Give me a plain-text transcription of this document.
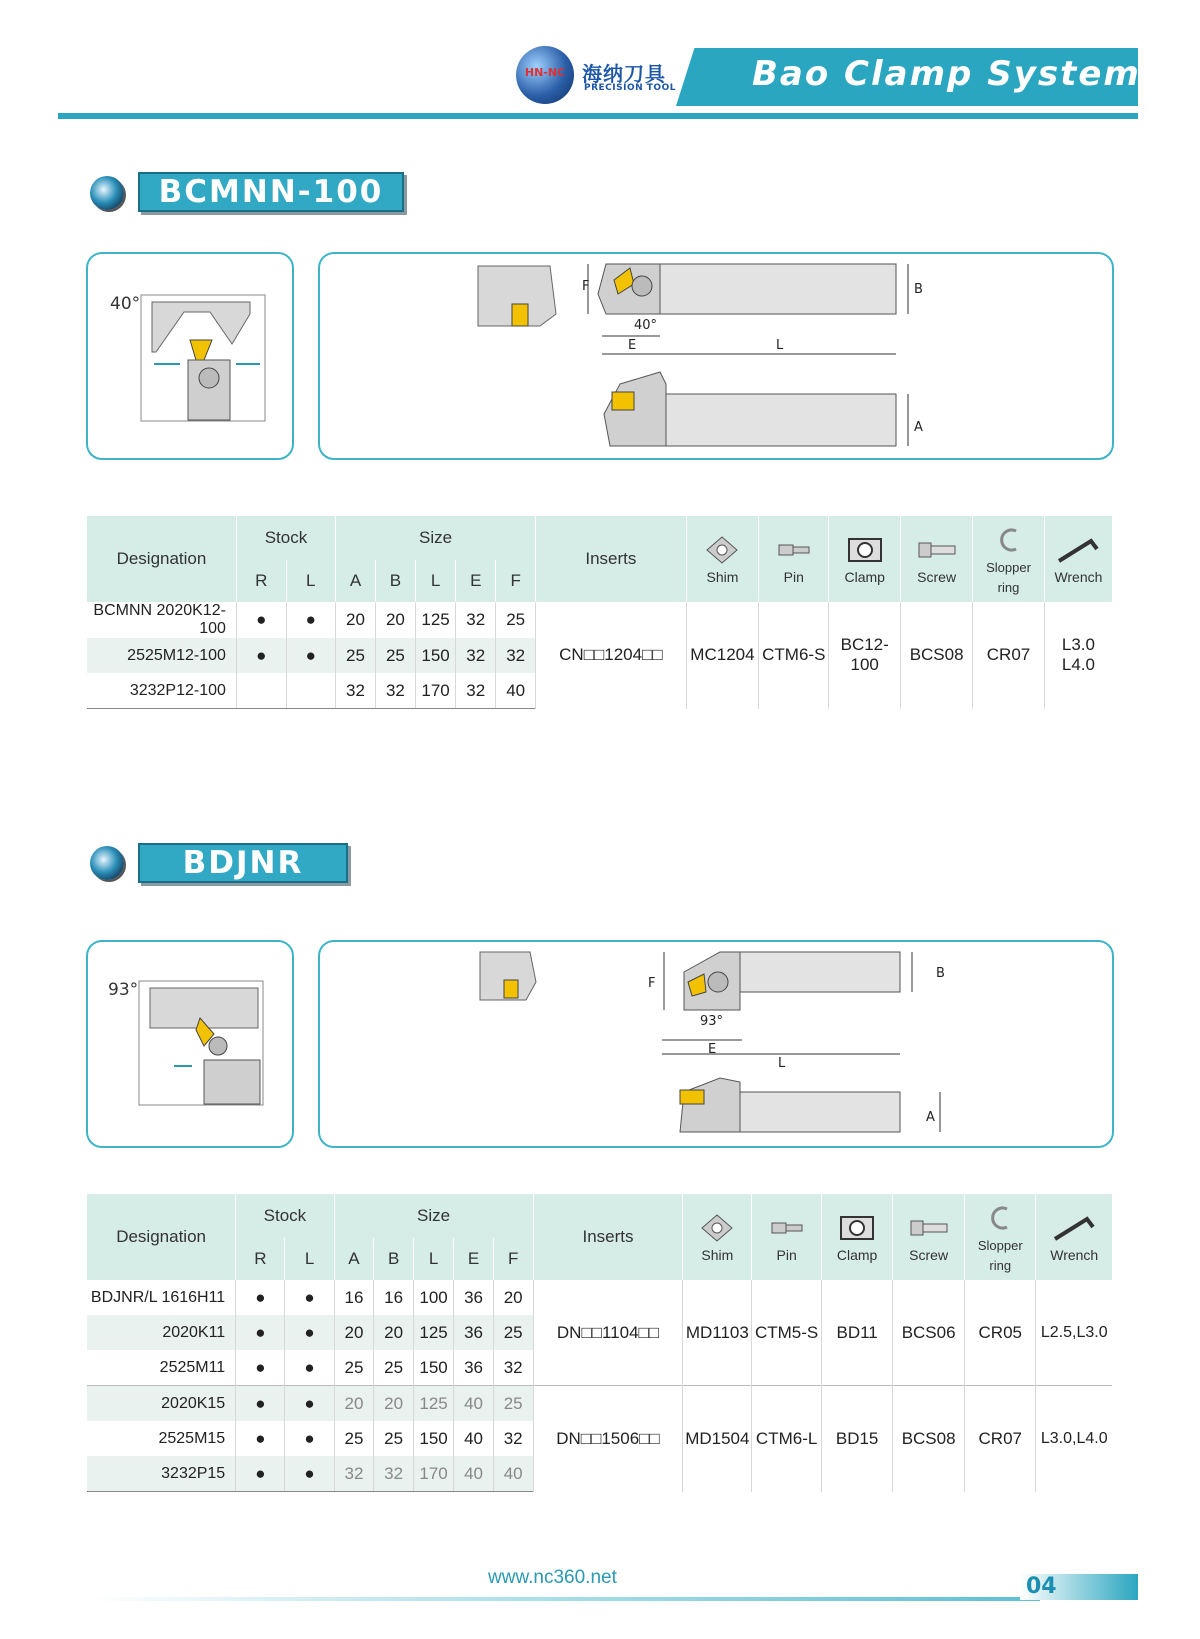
HN-NC 海纳刀具
PRECISION TOOL Bao Clamp System
BCMNN-100
40°
F	B
E	L
40°
A
Designation	Stock		Size					Inserts	Shim	Pin	Clamp	Screw	Slopper ring	Wrench
	R	L	A	B	L	E	F							
BCMNN 2020K12-100	●	●	20	20	125	32	25	CN□□1204□□	MC1204	CTM6-S	BC12-100	BCS08	CR07	L3.0
L4.0

2525M12-100	●	●	25	25	150	32	32							
3232P12-100			32	32	170	32	40							
BDJNR
93°	F
B
E
L
93°
A
Designation	Stock		Size					Inserts	Shim	Pin	Clamp	Screw	Slopper ring	Wrench
	R	L	A	B	L	E	F							
BDJNR/L 1616H11	●	●	16	16	100	36	20	DN□□1104□□	MD1103	CTM5-S	BD11	BCS06	CR05	L2.5,L3.0
2020K11	●	●	20	20	125	36	25							
2525M11	●	●	25	25	150	36	32							
2020K15	●	●	20	20	125	40	25	DN□□1506□□	MD1504	CTM6-L	BD15	BCS08	CR07	L3.0,L4.0
2525M15	●	●	25	25	150	40	32							
3232P15	●	●	32	32	170	40	40							
www.nc360.net	04
